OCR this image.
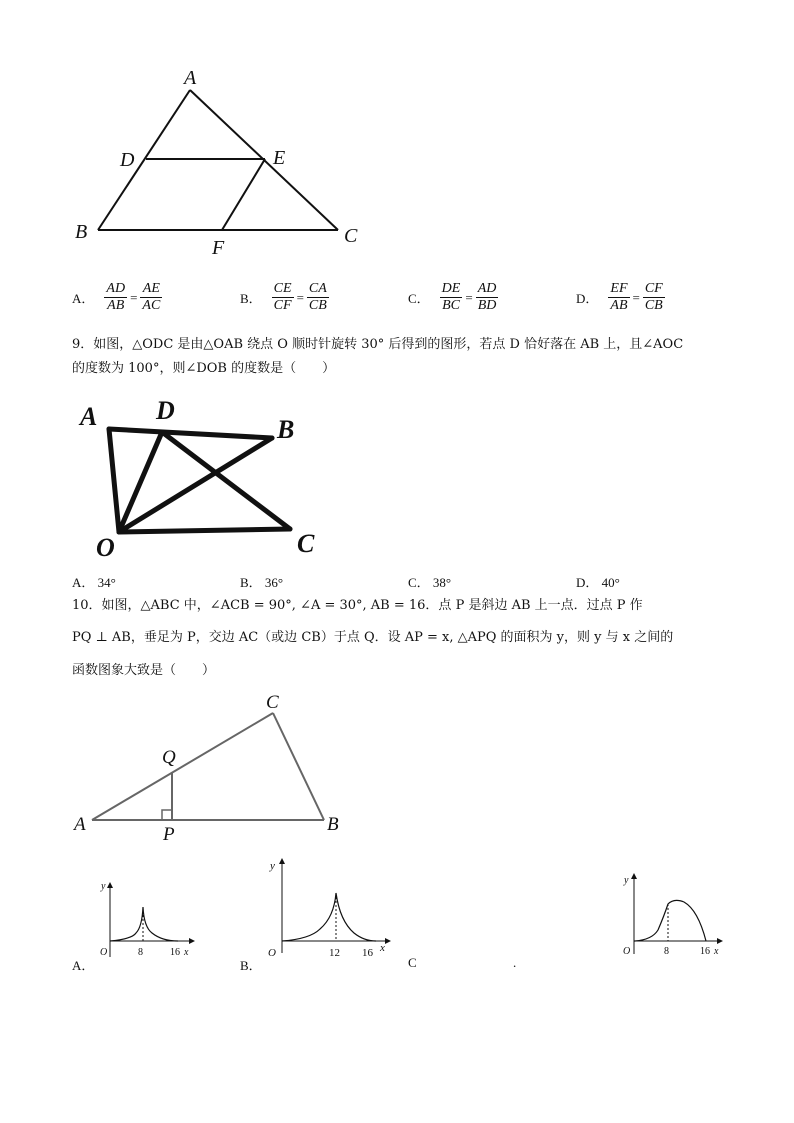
A
D	E
B	C
F
A． $\frac{AD}{AB} = \frac{AE}{AC}$	B． $\frac{CE}{CF} = \frac{CA}{CB}$	C． $\frac{DE}{BC} = \frac{AD}{BD}$	D． $\frac{EF}{AB} = \frac{CF}{CB}$
9．如图，△ODC 是由△OAB 绕点 O 顺时针旋转 30° 后得到的图形，若点 D 恰好落在 AB 上，且∠AOC
的度数为 100°，则∠DOB 的度数是（　　）
A D
B
O	C
A． 34°	B． 36°	C． 38°	D． 40°
10．如图，△ABC 中，∠ACB = 90°, ∠A = 30°, AB = 16．点 P 是斜边 AB 上一点．过点 P 作
PQ ⊥ AB，垂足为 P，交边 AC（或边 CB）于点 Q．设 AP = x, △APQ 的面积为 y，则 y 与 x 之间的
函数图象大致是（　　）
A
C
Q
P	B
A．
y
O	8	16 x
B．
y
O	12 16 x
C	.
y
O	8	16 x
